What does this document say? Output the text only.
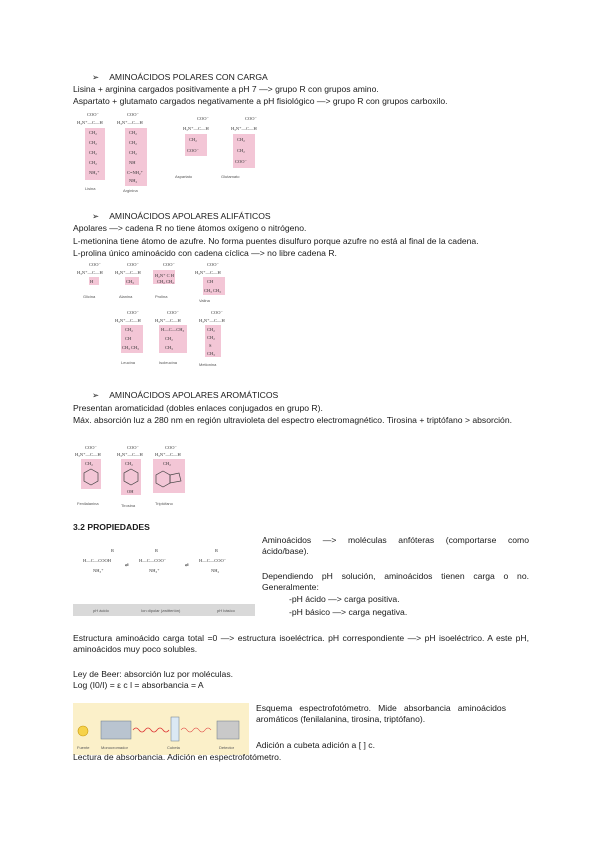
➢ AMINOÁCIDOS POLARES CON CARGA
Lisina + arginina cargados positivamente a pH 7 —> grupo R con grupos amino.
Aspartato + glutamato cargados negativamente a pH fisiológico —> grupo R con grupos carboxilo.
COO⁻
H₃N⁺—C—H
CH₂
CH₂
CH₂
CH₂
NH₃⁺
Lisina
COO⁻
H₃N⁺—C—H
CH₂
CH₂
CH₂
NH
C=NH₂⁺
NH₂
Arginina
COO⁻
H₃N⁺—C—H
CH₂
COO⁻
Aspartato
COO⁻
H₃N⁺—C—H
CH₂
CH₂
COO⁻
Glutamato
➢ AMINOÁCIDOS APOLARES ALIFÁTICOS
Apolares —> cadena R no tiene átomos oxígeno o nitrógeno.
L-metionina tiene átomo de azufre. No forma puentes disulfuro porque azufre no está al final de la cadena.
L-prolina único aminoácido con cadena cíclica —> no libre cadena R.
COO⁻
H₃N⁺—C—H
H
Glicina
COO⁻
H₃N⁺—C—H
CH₃
Alanina
COO⁻
H₂N⁺ C H
CH₂ CH₂
Prolina
COO⁻
H₃N⁺—C—H
CH
CH₃ CH₃
Valina
COO⁻
H₃N⁺—C—H
CH₂
CH
CH₃ CH₃
Leucina
COO⁻
H₃N⁺—C—H
H—C—CH₃
CH₂
CH₃
Isoleucina
COO⁻
H₃N⁺—C—H
CH₂
CH₂
S
CH₃
Metionina
➢ AMINOÁCIDOS APOLARES AROMÁTICOS
Presentan aromaticidad (dobles enlaces conjugados en grupo R).
Máx. absorción luz a 280 nm en región ultravioleta del espectro electromagnético. Tirosina + triptófano > absorción.
COO⁻
H₃N⁺—C—H
CH₂
Fenilalanina
COO⁻
H₃N⁺—C—H
CH₂
OH
Tirosina
COO⁻
H₃N⁺—C—H
CH₂
Triptófano
3.2 PROPIEDADES
R
H—C—COOH
NH₃⁺
⇌
R
H—C—COO⁻
NH₃⁺
⇌
R
H—C—COO⁻
NH₂
pH ácido	Ion dipolar (zwitterión)	pH básico
Aminoácidos —> moléculas anfóteras (comportarse como ácido/base).
Dependiendo pH solución, aminoácidos tienen carga o no. Generalmente:
-pH ácido —> carga positiva.
-pH básico —> carga negativa.
Estructura aminoácido carga total =0 —> estructura isoeléctrica. pH correspondiente —> pH isoeléctrico. A este pH, aminoácidos muy poco solubles.
Ley de Beer: absorción luz por moléculas.
Log (I0/I) = ε c l = absorbancia = A
Fuente	Monocromador	Cubeta	Detector
Esquema espectrofotómetro. Mide absorbancia aminoácidos aromáticos (fenilalanina, tirosina, triptófano).
Adición a cubeta adición a [ ] c.
Lectura de absorbancia. Adición en espectrofotómetro.
